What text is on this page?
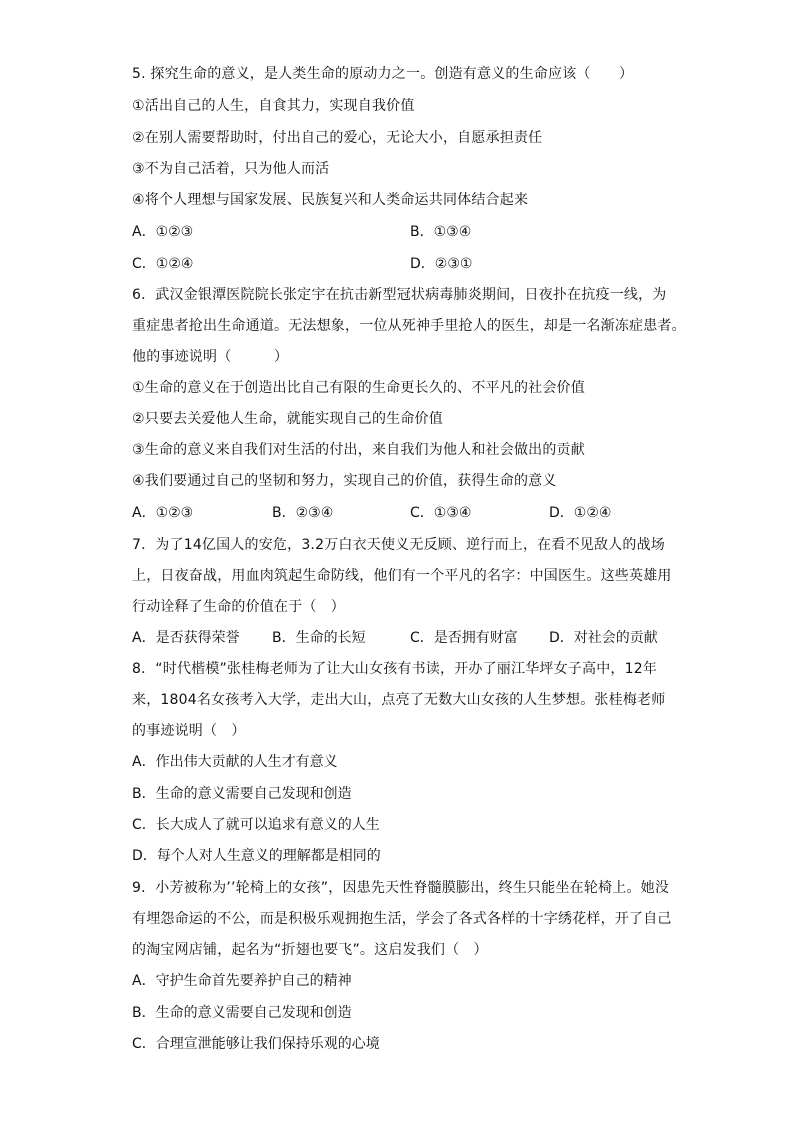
5. 探究生命的意义，是人类生命的原动力之一。创造有意义的生命应该（　　）
①活出自己的人生，自食其力，实现自我价值
②在别人需要帮助时，付出自己的爱心，无论大小，自愿承担责任
③不为自己活着，只为他人而活
④将个人理想与国家发展、民族复兴和人类命运共同体结合起来
A．①②③	B．①③④
C．①②④	D．②③①
6．武汉金银潭医院院长张定宇在抗击新型冠状病毒肺炎期间，日夜扑在抗疫一线，为
重症患者抢出生命通道。无法想象，一位从死神手里抢人的医生，却是一名渐冻症患者。
他的事迹说明（　　　）
①生命的意义在于创造出比自己有限的生命更长久的、不平凡的社会价值
②只要去关爱他人生命，就能实现自己的生命价值
③生命的意义来自我们对生活的付出，来自我们为他人和社会做出的贡献
④我们要通过自己的坚韧和努力，实现自己的价值，获得生命的意义
A．①②③	B．②③④	C．①③④	D．①②④
7．为了14亿国人的安危，3.2万白衣天使义无反顾、逆行而上，在看不见敌人的战场
上，日夜奋战，用血肉筑起生命防线，他们有一个平凡的名字：中国医生。这些英雄用
行动诠释了生命的价值在于（　）
A．是否获得荣誉 B．生命的长短	C．是否拥有财富 D．对社会的贡献
8．“时代楷模”张桂梅老师为了让大山女孩有书读，开办了丽江华坪女子高中，12年
来，1804名女孩考入大学，走出大山，点亮了无数大山女孩的人生梦想。张桂梅老师
的事迹说明（　）
A．作出伟大贡献的人生才有意义
B．生命的意义需要自己发现和创造
C．长大成人了就可以追求有意义的人生
D．每个人对人生意义的理解都是相同的
9．小芳被称为’’轮椅上的女孩”，因患先天性脊髓膜膨出，终生只能坐在轮椅上。她没
有埋怨命运的不公，而是积极乐观拥抱生活，学会了各式各样的十字绣花样，开了自己
的淘宝网店铺，起名为“折翅也要飞”。这启发我们（　）
A．守护生命首先要养护自己的精神
B．生命的意义需要自己发现和创造
C．合理宣泄能够让我们保持乐观的心境
